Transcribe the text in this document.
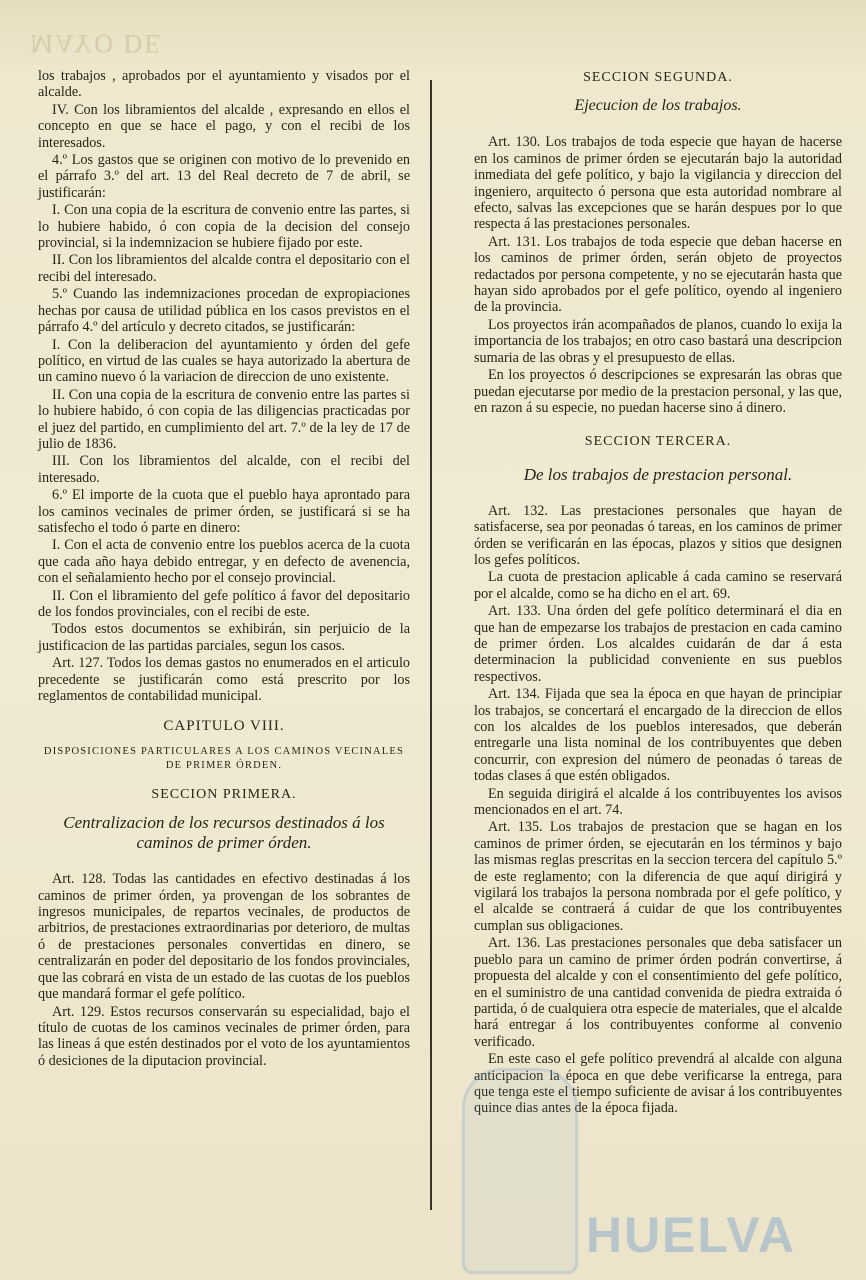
MAYO DE

los trabajos , aprobados por el ayuntamiento y visados por el alcalde.

IV. Con los libramientos del alcalde , expresando en ellos el concepto en que se hace el pago, y con el recibi de los interesados.

4.º Los gastos que se originen con motivo de lo prevenido en el párrafo 3.º del art. 13 del Real decreto de 7 de abril, se justificarán:

I. Con una copia de la escritura de convenio entre las partes, si lo hubiere habido, ó con copia de la decision del consejo provincial, si la indemnizacion se hubiere fijado por este.

II. Con los libramientos del alcalde contra el depositario con el recibi del interesado.

5.º Cuando las indemnizaciones procedan de expropiaciones hechas por causa de utilidad pública en los casos previstos en el párrafo 4.º del artículo y decreto citados, se justificarán:

I. Con la deliberacion del ayuntamiento y órden del gefe político, en virtud de las cuales se haya autorizado la abertura de un camino nuevo ó la variacion de direccion de uno existente.

II. Con una copia de la escritura de convenio entre las partes si lo hubiere habido, ó con copia de las diligencias practicadas por el juez del partido, en cumplimiento del art. 7.º de la ley de 17 de julio de 1836.

III. Con los libramientos del alcalde, con el recibi del interesado.

6.º El importe de la cuota que el pueblo haya aprontado para los caminos vecinales de primer órden, se justificará si se ha satisfecho el todo ó parte en dinero:

I. Con el acta de convenio entre los pueblos acerca de la cuota que cada año haya debido entregar, y en defecto de avenencia, con el señalamiento hecho por el consejo provincial.

II. Con el libramiento del gefe político á favor del depositario de los fondos provinciales, con el recibi de este.

Todos estos documentos se exhibirán, sin perjuicio de la justificacion de las partidas parciales, segun los casos.

Art. 127. Todos los demas gastos no enumerados en el articulo precedente se justificarán como está prescrito por los reglamentos de contabilidad municipal.

CAPITULO VIII.
DISPOSICIONES PARTICULARES A LOS CAMINOS VECINALES DE PRIMER ÓRDEN.
SECCION PRIMERA.
Centralizacion de los recursos destinados á los caminos de primer órden.

Art. 128. Todas las cantidades en efectivo destinadas á los caminos de primer órden, ya provengan de los sobrantes de ingresos municipales, de repartos vecinales, de productos de arbitrios, de prestaciones extraordinarias por deterioro, de multas ó de prestaciones personales convertidas en dinero, se centralizarán en poder del depositario de los fondos provinciales, que las cobrará en vista de un estado de las cuotas de los pueblos que mandará formar el gefe político.

Art. 129. Estos recursos conservarán su especialidad, bajo el título de cuotas de los caminos vecinales de primer órden, para las lineas á que estén destinados por el voto de los ayuntamientos ó desiciones de la diputacion provincial.

SECCION SEGUNDA.
Ejecucion de los trabajos.

Art. 130. Los trabajos de toda especie que hayan de hacerse en los caminos de primer órden se ejecutarán bajo la autoridad inmediata del gefe político, y bajo la vigilancia y direccion del ingeniero, arquitecto ó persona que esta autoridad nombrare al efecto, salvas las excepciones que se harán despues por lo que respecta á las prestaciones personales.

Art. 131. Los trabajos de toda especie que deban hacerse en los caminos de primer órden, serán objeto de proyectos redactados por persona competente, y no se ejecutarán hasta que hayan sido aprobados por el gefe político, oyendo al ingeniero de la provincia.

Los proyectos irán acompañados de planos, cuando lo exija la importancia de los trabajos; en otro caso bastará una descripcion sumaria de las obras y el presupuesto de ellas.

En los proyectos ó descripciones se expresarán las obras que puedan ejecutarse por medio de la prestacion personal, y las que, en razon á su especie, no puedan hacerse sino á dinero.

SECCION TERCERA.
De los trabajos de prestacion personal.

Art. 132. Las prestaciones personales que hayan de satisfacerse, sea por peonadas ó tareas, en los caminos de primer órden se verificarán en las épocas, plazos y sitios que designen los gefes políticos.

La cuota de prestacion aplicable á cada camino se reservará por el alcalde, como se ha dicho en el art. 69.

Art. 133. Una órden del gefe político determinará el dia en que han de empezarse los trabajos de prestacion en cada camino de primer órden. Los alcaldes cuidarán de dar á esta determinacion la publicidad conveniente en sus pueblos respectivos.

Art. 134. Fijada que sea la época en que hayan de principiar los trabajos, se concertará el encargado de la direccion de ellos con los alcaldes de los pueblos interesados, que deberán entregarle una lista nominal de los contribuyentes que deben concurrir, con expresion del número de peonadas ó tareas de todas clases á que estén obligados.

En seguida dirigirá el alcalde á los contribuyentes los avisos mencionados en el art. 74.

Art. 135. Los trabajos de prestacion que se hagan en los caminos de primer órden, se ejecutarán en los términos y bajo las mismas reglas prescritas en la seccion tercera del capítulo 5.º de este reglamento; con la diferencia de que aquí dirigirá y vigilará los trabajos la persona nombrada por el gefe político, y el alcalde se contraerá á cuidar de que los contribuyentes cumplan sus obligaciones.

Art. 136. Las prestaciones personales que deba satisfacer un pueblo para un camino de primer órden podrán convertirse, á propuesta del alcalde y con el consentimiento del gefe político, en el suministro de una cantidad convenida de piedra extraida ó partida, ó de cualquiera otra especie de materiales, que el alcalde hará entregar á los contribuyentes conforme al convenio verificado.

En este caso el gefe político prevendrá al alcalde con alguna anticipacion la época en que debe verificarse la entrega, para que tenga este el tiempo suficiente de avisar á los contribuyentes quince dias antes de la época fijada.

HUELVA
